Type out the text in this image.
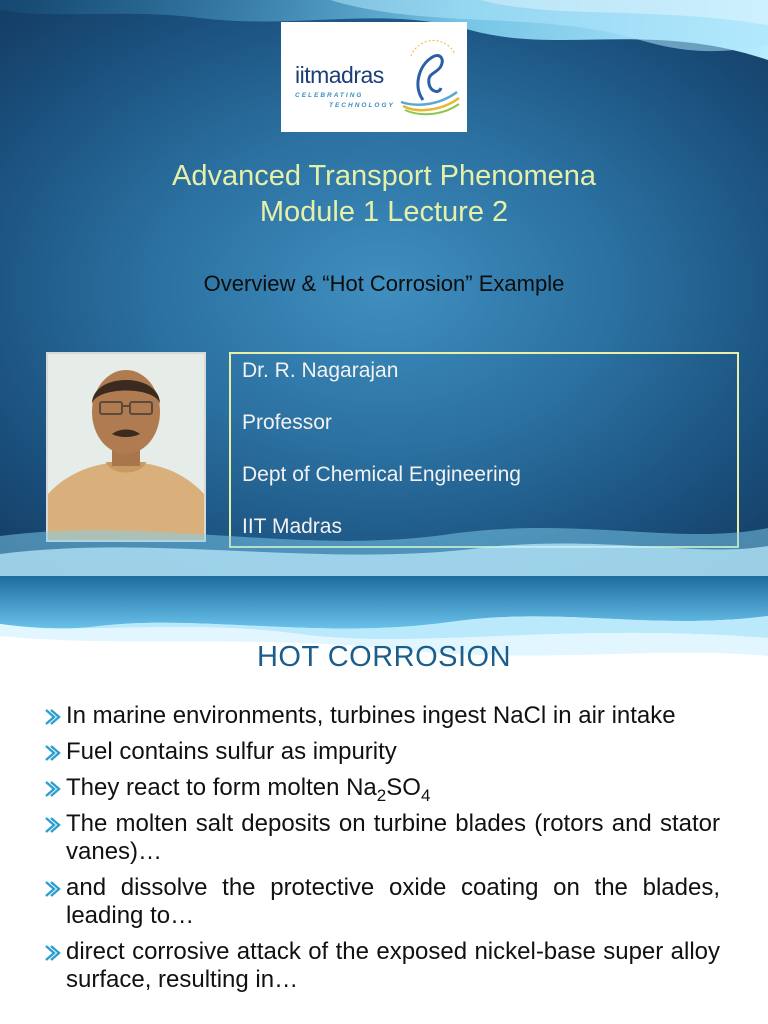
iitmadras
CELEBRATING
TECHNOLOGY
Advanced Transport Phenomena
Module 1 Lecture 2
Overview & “Hot Corrosion” Example
Dr. R. Nagarajan
Professor
Dept of Chemical Engineering
IIT Madras
HOT CORROSION
In marine environments, turbines ingest NaCl in air intake
Fuel contains sulfur as impurity
They react to form molten $Na_2SO_4$
The molten salt deposits on turbine blades (rotors and stator vanes)…
and dissolve the protective oxide coating on the blades, leading to…
direct corrosive attack of the exposed nickel-base super alloy surface, resulting in…
